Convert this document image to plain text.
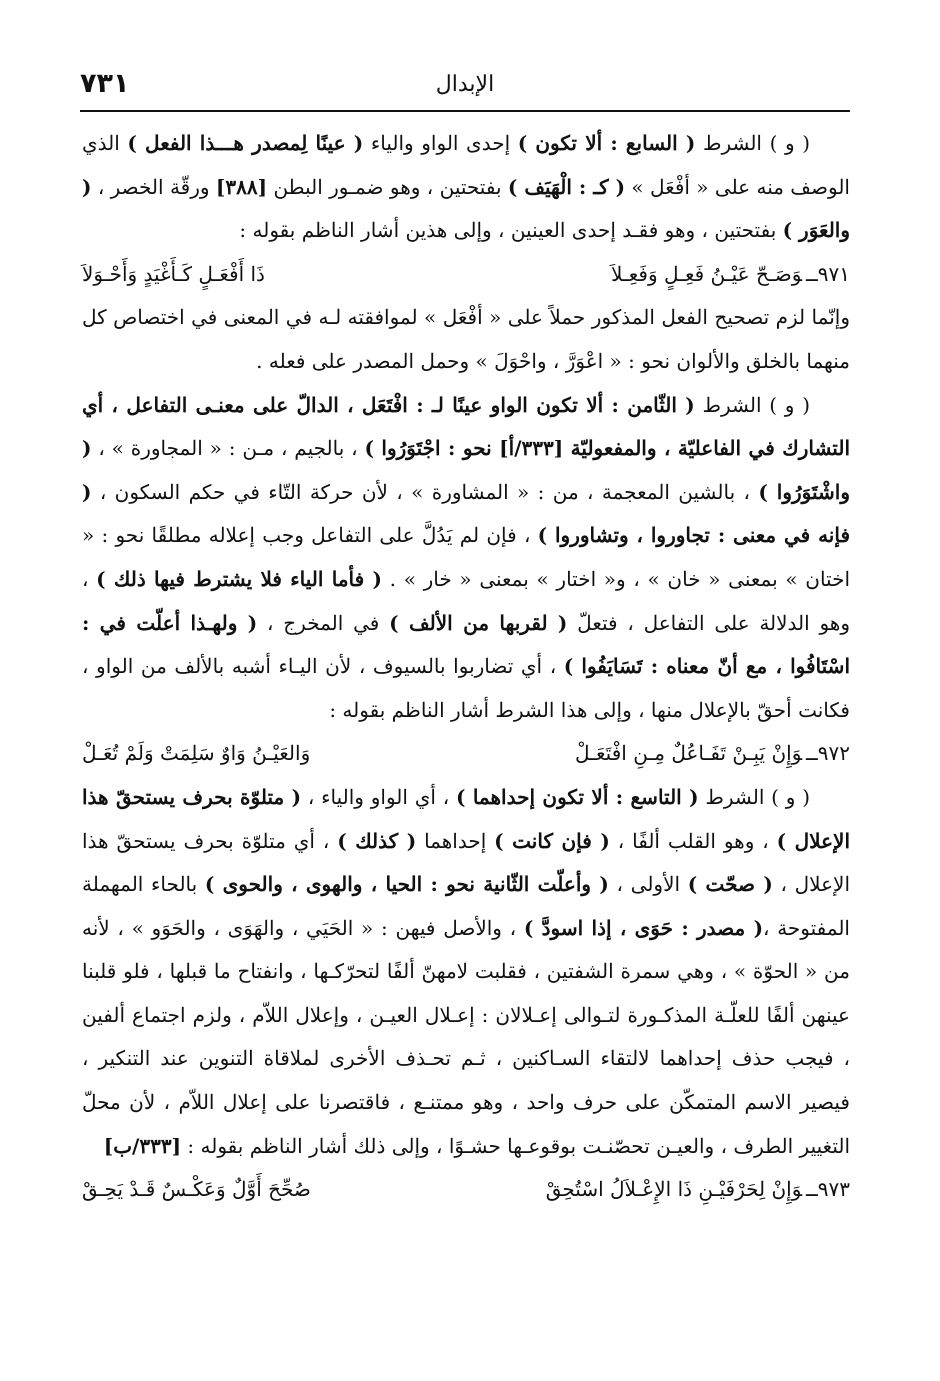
٧٣١	الإبدال

( و ) الشرط ( السابع : ألا تكون ) إحدى الواو والياء ( عينًا لِمصدر هـــذا الفعل ) الذي الوصف منه على « أفْعَل » ( كـ : الْهَيَف ) بفتحتين ، وهو ضمـور البطن [٣٨٨] ورقّة الخصر ، ( والعَوَر ) بفتحتين ، وهو فقـد إحدى العينين ، وإلى هذين أشار الناظم بقوله :

٩٧١ــوَصَـحّ عَيْـنُ فَعِـلٍ وَفَعِـلاَ
ذَا أَفْعَـلٍ كَـأَغْيَدٍ وَأَحْـوَلاَ

وإنّما لزم تصحيح الفعل المذكور حملاً على « أفْعَل » لموافقته لـه في المعنى في اختصاص كل منهما بالخلق والألوان نحو : « اعْوَرَّ ، واحْوَلَ » وحمل المصدر على فعله .

( و ) الشرط ( الثّامن : ألا تكون الواو عينًا لـ : افْتَعَل ، الدالّ على معنـى التفاعل ، أي التشارك في الفاعليّة ، والمفعوليّة [٣٣٣/أ] نحو : اجْتَوَرُوا ) ، بالجيم ، مـن : « المجاورة » ، ( واشْتَوَرُوا ) ، بالشين المعجمة ، من : « المشاورة » ، لأن حركة التّاء في حكم السكون ، ( فإنه في معنى : تجاوروا ، وتشاوروا ) ، فإن لم يَدُلَّ على التفاعل وجب إعلاله مطلقًا نحو : « اختان » بمعنى « خان » ، و« اختار » بمعنى « خار » . ( فأما الياء فلا يشترط فيها ذلك ) ، وهو الدلالة على التفاعل ، فتعلّ ( لقربها من الألف ) في المخرج ، ( ولهـذا أعلّت في : اسْتَافُوا ، مع أنّ معناه : تَسَايَفُوا ) ، أي تضاربوا بالسيوف ، لأن اليـاء أشبه بالألف من الواو ، فكانت أحقّ بالإعلال منها ، وإلى هذا الشرط أشار الناظم بقوله :

٩٧٢ــوَإِنْ يَبِـنْ تَفَـاعُلٌ مِـنِ افْتَعَـلْ
وَالعَيْـنُ وَاوٌ سَلِمَتْ وَلَمْ تُعَـلْ

( و ) الشرط ( التاسع : ألا تكون إحداهما ) ، أي الواو والياء ، ( متلوّة بحرف يستحقّ هذا الإعلال ) ، وهو القلب ألفًا ، ( فإن كانت ) إحداهما ( كذلك ) ، أي متلوّة بحرف يستحقّ هذا الإعلال ، ( صحّت ) الأولى ، ( وأعلّت الثّانية نحو : الحيا ، والهوى ، والحوى ) بالحاء المهملة المفتوحة ،( مصدر : حَوَى ، إذا اسودَّ ) ، والأصل فيهن : « الحَيَي ، والهَوَى ، والحَوَو » ، لأنه من « الحوّة » ، وهي سمرة الشفتين ، فقلبت لامهنّ ألفًا لتحرّكـها ، وانفتاح ما قبلها ، فلو قلبنا عينهن ألفًا للعلّـة المذكـورة لتـوالى إعـلالان : إعـلال العيـن ، وإعلال اللاّم ، ولزم اجتماع ألفين ، فيجب حذف إحداهما لالتقاء السـاكنين ، ثـم تحـذف الأخرى لملاقاة التنوين عند التنكير ، فيصير الاسم المتمكّن على حرف واحد ، وهو ممتنـع ، فاقتصرنا على إعلال اللاّم ، لأن محلّ التغيير الطرف ، والعيـن تحصّنـت بوقوعـها حشـوًا ، وإلى ذلك أشار الناظم بقوله : [٣٣٣/ب]

٩٧٣ــوَإِنْ لِحَرْفَيْـنِ ذَا الإِعْـلاَلُ اسْتُحِقْ
صُحِّحَ أَوَّلٌ وَعَكْـسٌ قَـدْ يَحِـقْ
